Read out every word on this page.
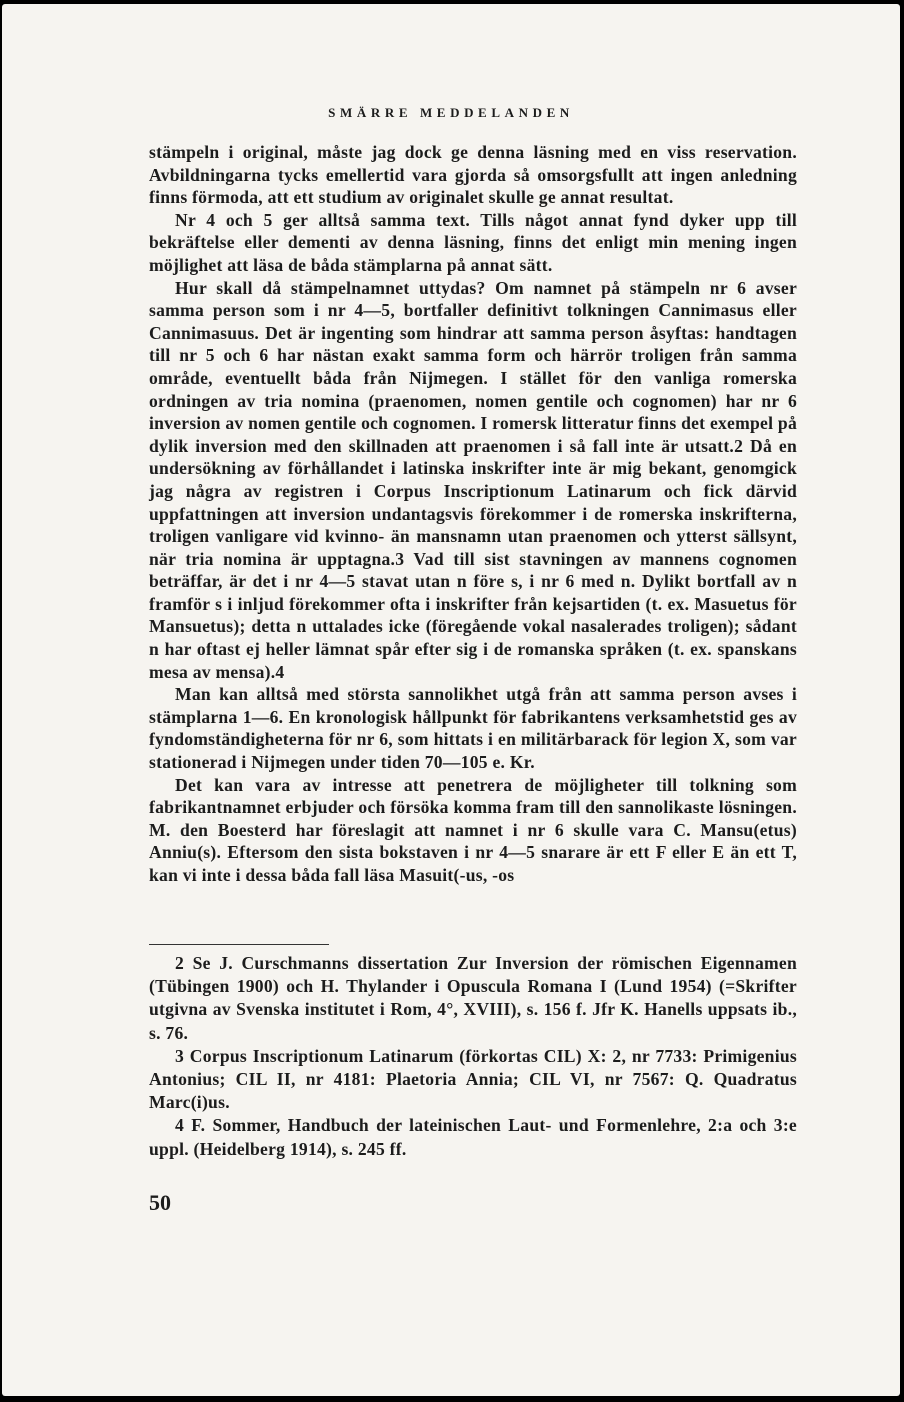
SMÄRRE MEDDELANDEN

stämpeln i original, måste jag dock ge denna läsning med en viss reservation. Avbildningarna tycks emellertid vara gjorda så omsorgsfullt att ingen anledning finns förmoda, att ett studium av originalet skulle ge annat resultat.

Nr 4 och 5 ger alltså samma text. Tills något annat fynd dyker upp till bekräftelse eller dementi av denna läsning, finns det enligt min mening ingen möjlighet att läsa de båda stämplarna på annat sätt.

Hur skall då stämpelnamnet uttydas? Om namnet på stämpeln nr 6 avser samma person som i nr 4—5, bortfaller definitivt tolkningen Cannimasus eller Cannimasuus. Det är ingenting som hindrar att samma person åsyftas: handtagen till nr 5 och 6 har nästan exakt samma form och härrör troligen från samma område, eventuellt båda från Nijmegen. I stället för den vanliga romerska ordningen av tria nomina (praenomen, nomen gentile och cognomen) har nr 6 inversion av nomen gentile och cognomen. I romersk litteratur finns det exempel på dylik inversion med den skillnaden att praenomen i så fall inte är utsatt.2 Då en undersökning av förhållandet i latinska inskrifter inte är mig bekant, genomgick jag några av registren i Corpus Inscriptionum Latinarum och fick därvid uppfattningen att inversion undantagsvis förekommer i de romerska inskrifterna, troligen vanligare vid kvinno- än mansnamn utan praenomen och ytterst sällsynt, när tria nomina är upptagna.3 Vad till sist stavningen av mannens cognomen beträffar, är det i nr 4—5 stavat utan n före s, i nr 6 med n. Dylikt bortfall av n framför s i inljud förekommer ofta i inskrifter från kejsartiden (t. ex. Masuetus för Mansuetus); detta n uttalades icke (föregående vokal nasalerades troligen); sådant n har oftast ej heller lämnat spår efter sig i de romanska språken (t. ex. spanskans mesa av mensa).4

Man kan alltså med största sannolikhet utgå från att samma person avses i stämplarna 1—6. En kronologisk hållpunkt för fabrikantens verksamhetstid ges av fyndomständigheterna för nr 6, som hittats i en militärbarack för legion X, som var stationerad i Nijmegen under tiden 70—105 e. Kr.

Det kan vara av intresse att penetrera de möjligheter till tolkning som fabrikantnamnet erbjuder och försöka komma fram till den sannolikaste lösningen. M. den Boesterd har föreslagit att namnet i nr 6 skulle vara C. Mansu(etus) Anniu(s). Eftersom den sista bokstaven i nr 4—5 snarare är ett F eller E än ett T, kan vi inte i dessa båda fall läsa Masuit(-us, -os

2 Se J. Curschmanns dissertation Zur Inversion der römischen Eigennamen (Tübingen 1900) och H. Thylander i Opuscula Romana I (Lund 1954) (=Skrifter utgivna av Svenska institutet i Rom, 4°, XVIII), s. 156 f. Jfr K. Hanells uppsats ib., s. 76.

3 Corpus Inscriptionum Latinarum (förkortas CIL) X: 2, nr 7733: Primigenius Antonius; CIL II, nr 4181: Plaetoria Annia; CIL VI, nr 7567: Q. Quadratus Marc(i)us.

4 F. Sommer, Handbuch der lateinischen Laut- und Formenlehre, 2:a och 3:e uppl. (Heidelberg 1914), s. 245 ff.

50
